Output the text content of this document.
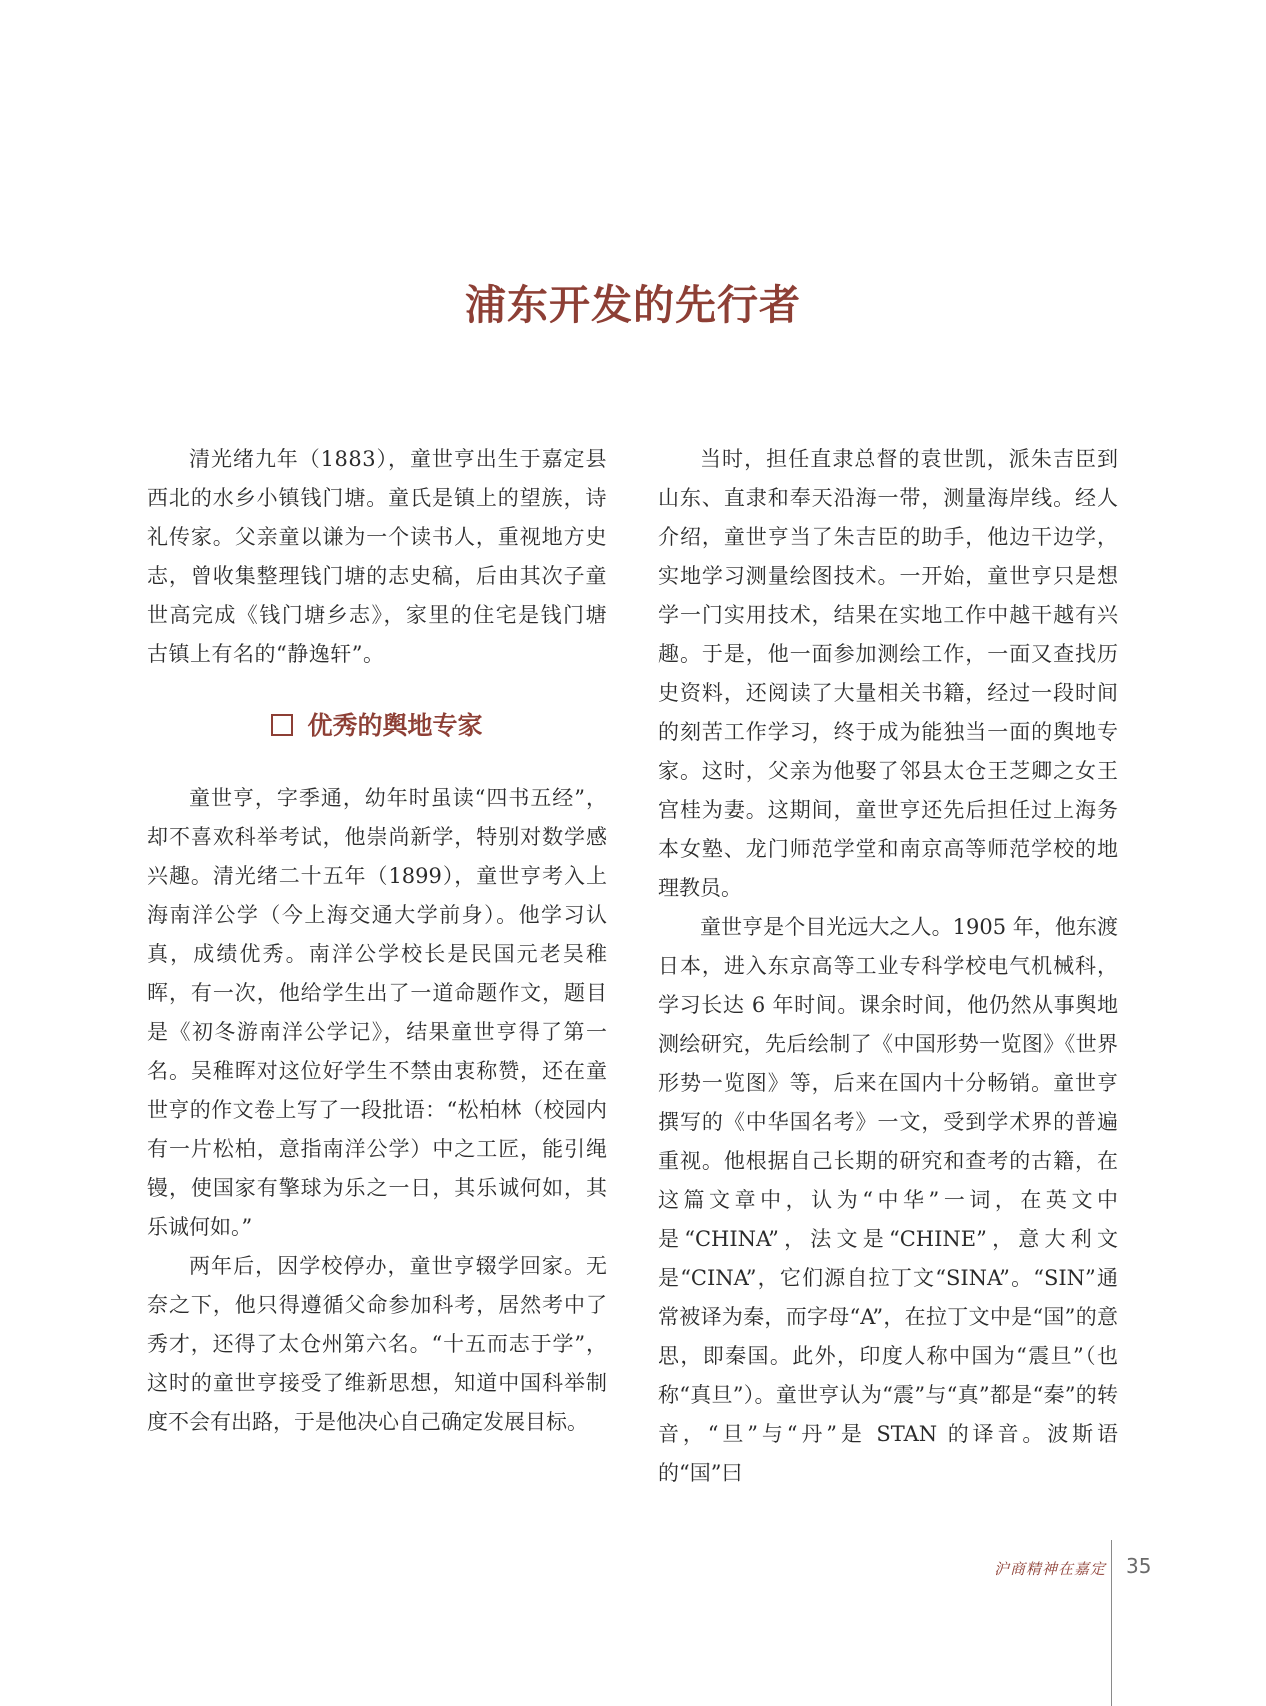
浦东开发的先行者

清光绪九年（1883），童世亨出生于嘉定县西北的水乡小镇钱门塘。童氏是镇上的望族，诗礼传家。父亲童以谦为一个读书人，重视地方史志，曾收集整理钱门塘的志史稿，后由其次子童世高完成《钱门塘乡志》，家里的住宅是钱门塘古镇上有名的“静逸轩”。

优秀的舆地专家

童世亨，字季通，幼年时虽读“四书五经”，却不喜欢科举考试，他崇尚新学，特别对数学感兴趣。清光绪二十五年（1899），童世亨考入上海南洋公学（今上海交通大学前身）。他学习认真，成绩优秀。南洋公学校长是民国元老吴稚晖，有一次，他给学生出了一道命题作文，题目是《初冬游南洋公学记》，结果童世亨得了第一名。吴稚晖对这位好学生不禁由衷称赞，还在童世亨的作文卷上写了一段批语：“松柏林（校园内有一片松柏，意指南洋公学）中之工匠，能引绳镘，使国家有擎球为乐之一日，其乐诚何如，其乐诚何如。”

两年后，因学校停办，童世亨辍学回家。无奈之下，他只得遵循父命参加科考，居然考中了秀才，还得了太仓州第六名。“十五而志于学”，这时的童世亨接受了维新思想，知道中国科举制度不会有出路，于是他决心自己确定发展目标。

当时，担任直隶总督的袁世凯，派朱吉臣到山东、直隶和奉天沿海一带，测量海岸线。经人介绍，童世亨当了朱吉臣的助手，他边干边学，实地学习测量绘图技术。一开始，童世亨只是想学一门实用技术，结果在实地工作中越干越有兴趣。于是，他一面参加测绘工作，一面又查找历史资料，还阅读了大量相关书籍，经过一段时间的刻苦工作学习，终于成为能独当一面的舆地专家。这时，父亲为他娶了邻县太仓王芝卿之女王宫桂为妻。这期间，童世亨还先后担任过上海务本女塾、龙门师范学堂和南京高等师范学校的地理教员。

童世亨是个目光远大之人。1905 年，他东渡日本，进入东京高等工业专科学校电气机械科，学习长达 6 年时间。课余时间，他仍然从事舆地测绘研究，先后绘制了《中国形势一览图》《世界形势一览图》等，后来在国内十分畅销。童世亨撰写的《中华国名考》一文，受到学术界的普遍重视。他根据自己长期的研究和查考的古籍，在这篇文章中，认为“中华”一词，在英文中是“CHINA”，法文是“CHINE”，意大利文是“CINA”，它们源自拉丁文“SINA”。“SIN”通常被译为秦，而字母“A”，在拉丁文中是“国”的意思，即秦国。此外，印度人称中国为“震旦”（也称“真旦”）。童世亨认为“震”与“真”都是“秦”的转音，“旦”与“丹”是 STAN 的译音。波斯语的“国”曰

沪商精神在嘉定 35
